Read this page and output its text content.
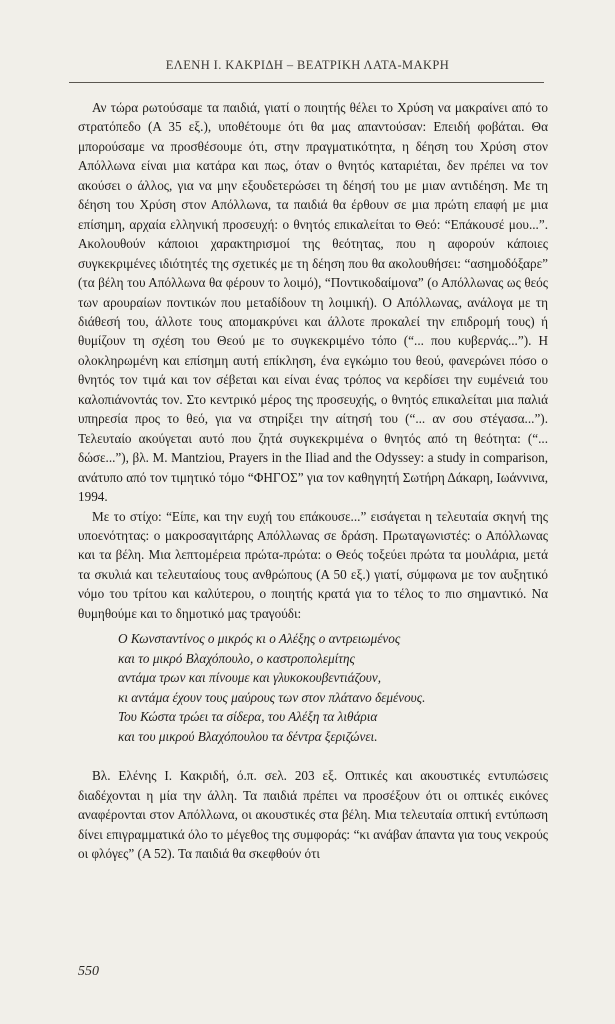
ΕΛΕΝΗ Ι. ΚΑΚΡΙΔΗ – ΒΕΑΤΡΙΚΗ ΛΑΤΑ-ΜΑΚΡΗ

Αν τώρα ρωτούσαμε τα παιδιά, γιατί ο ποιητής θέλει το Χρύση να μακραίνει από το στρατόπεδο (Α 35 εξ.), υποθέτουμε ότι θα μας απαντούσαν: Επειδή φοβάται. Θα μπορούσαμε να προσθέσουμε ότι, στην πραγματικότητα, η δέηση του Χρύση στον Απόλλωνα είναι μια κατάρα και πως, όταν ο θνητός καταριέται, δεν πρέπει να τον ακούσει ο άλλος, για να μην εξουδετερώσει τη δέησή του με μιαν αντιδέηση. Με τη δέηση του Χρύση στον Απόλλωνα, τα παιδιά θα έρθουν σε μια πρώτη επαφή με μια επίσημη, αρχαία ελληνική προσευχή: ο θνητός επικαλείται το Θεό: “Επάκουσέ μου...”. Ακολουθούν κάποιοι χαρακτηρισμοί της θεότητας, που η αφορούν κάποιες συγκεκριμένες ιδιότητές της σχετικές με τη δέηση που θα ακολουθήσει: “ασημοδόξαρε” (τα βέλη του Απόλλωνα θα φέρουν το λοιμό), “Ποντικοδαίμονα” (ο Απόλλωνας ως θεός των αρουραίων ποντικών που μεταδίδουν τη λοιμική). Ο Απόλλωνας, ανάλογα με τη διάθεσή του, άλλοτε τους απομακρύνει και άλλοτε προκαλεί την επιδρομή τους) ή θυμίζουν τη σχέση του Θεού με το συγκεκριμένο τόπο (“... που κυβερνάς...”). Η ολοκληρωμένη και επίσημη αυτή επίκληση, ένα εγκώμιο του θεού, φανερώνει πόσο ο θνητός τον τιμά και τον σέβεται και είναι ένας τρόπος να κερδίσει την ευμένειά του καλοπιάνοντάς τον. Στο κεντρικό μέρος της προσευχής, ο θνητός επικαλείται μια παλιά υπηρεσία προς το θεό, για να στηρίξει την αίτησή του (“... αν σου στέγασα...”). Τελευταίο ακούγεται αυτό που ζητά συγκεκριμένα ο θνητός από τη θεότητα: (“... δώσε...”), βλ. M. Mantziou, Prayers in the Iliad and the Odyssey: a study in comparison, ανάτυπο από τον τιμητικό τόμο “ΦΗΓΟΣ” για τον καθηγητή Σωτήρη Δάκαρη, Ιωάννινα, 1994.

Με το στίχο: “Είπε, και την ευχή του επάκουσε...” εισάγεται η τελευταία σκηνή της υποενότητας: ο μακροσαγιτάρης Απόλλωνας σε δράση. Πρωταγωνιστές: ο Απόλλωνας και τα βέλη. Μια λεπτομέρεια πρώτα-πρώτα: ο Θεός τοξεύει πρώτα τα μουλάρια, μετά τα σκυλιά και τελευταίους τους ανθρώπους (Α 50 εξ.) γιατί, σύμφωνα με τον αυξητικό νόμο του τρίτου και καλύτερου, ο ποιητής κρατά για το τέλος το πιο σημαντικό. Να θυμηθούμε και το δημοτικό μας τραγούδι:

Ο Κωνσταντίνος ο μικρός κι ο Αλέξης ο αντρειωμένος
και το μικρό Βλαχόπουλο, ο καστροπολεμίτης
αντάμα τρων και πίνουμε και γλυκοκουβεντιάζουν,
κι αντάμα έχουν τους μαύρους των στον πλάτανο δεμένους.
Του Κώστα τρώει τα σίδερα, του Αλέξη τα λιθάρια
και του μικρού Βλαχόπουλου τα δέντρα ξεριζώνει.

Βλ. Ελένης Ι. Κακριδή, ό.π. σελ. 203 εξ. Οπτικές και ακουστικές εντυπώσεις διαδέχονται η μία την άλλη. Τα παιδιά πρέπει να προσέξουν ότι οι οπτικές εικόνες αναφέρονται στον Απόλλωνα, οι ακουστικές στα βέλη. Μια τελευταία οπτική εντύπωση δίνει επιγραμματικά όλο το μέγεθος της συμφοράς: “κι ανάβαν άπαντα για τους νεκρούς οι φλόγες” (Α 52). Τα παιδιά θα σκεφθούν ότι

550
